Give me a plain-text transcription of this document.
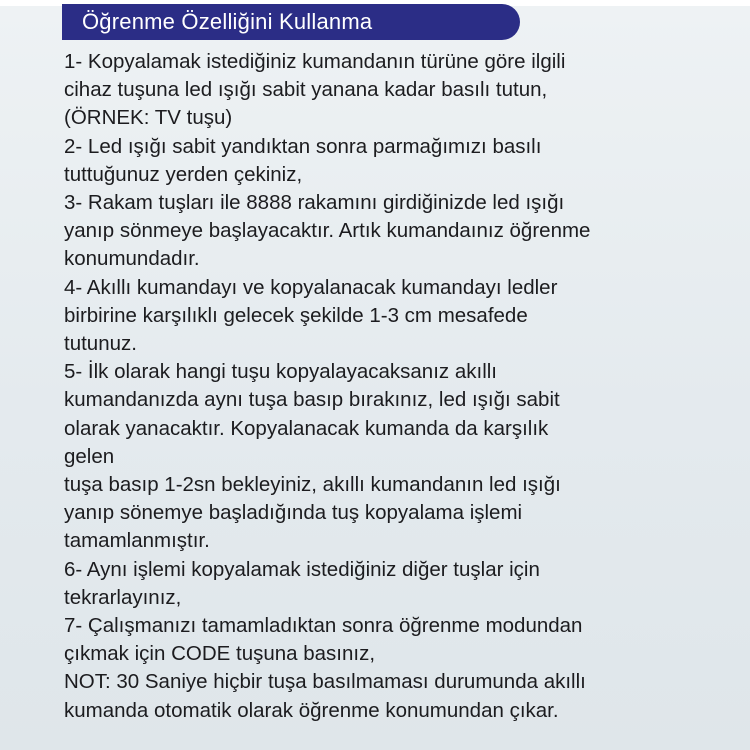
Öğrenme Özelliğini Kullanma
1- Kopyalamak istediğiniz kumandanın türüne göre ilgili
cihaz tuşuna led ışığı sabit yanana kadar basılı tutun,
(ÖRNEK: TV tuşu)
2- Led ışığı sabit yandıktan sonra parmağımızı basılı
tuttuğunuz yerden çekiniz,
3- Rakam tuşları ile 8888 rakamını girdiğinizde led ışığı
yanıp sönmeye başlayacaktır. Artık kumandaınız öğrenme
konumundadır.
4- Akıllı kumandayı ve kopyalanacak kumandayı ledler
birbirine karşılıklı gelecek şekilde 1-3 cm mesafede
tutunuz.
5- İlk olarak hangi tuşu kopyalayacaksanız akıllı
kumandanızda aynı tuşa basıp bırakınız, led ışığı sabit
olarak yanacaktır. Kopyalanacak kumanda da karşılık
gelen
tuşa basıp 1-2sn bekleyiniz, akıllı kumandanın led ışığı
yanıp sönemye başladığında tuş kopyalama işlemi
tamamlanmıştır.
6- Aynı işlemi kopyalamak istediğiniz diğer tuşlar için
tekrarlayınız,
7- Çalışmanızı tamamladıktan sonra öğrenme modundan
çıkmak için CODE tuşuna basınız,
NOT: 30 Saniye hiçbir tuşa basılmaması durumunda akıllı
kumanda otomatik olarak öğrenme konumundan çıkar.
